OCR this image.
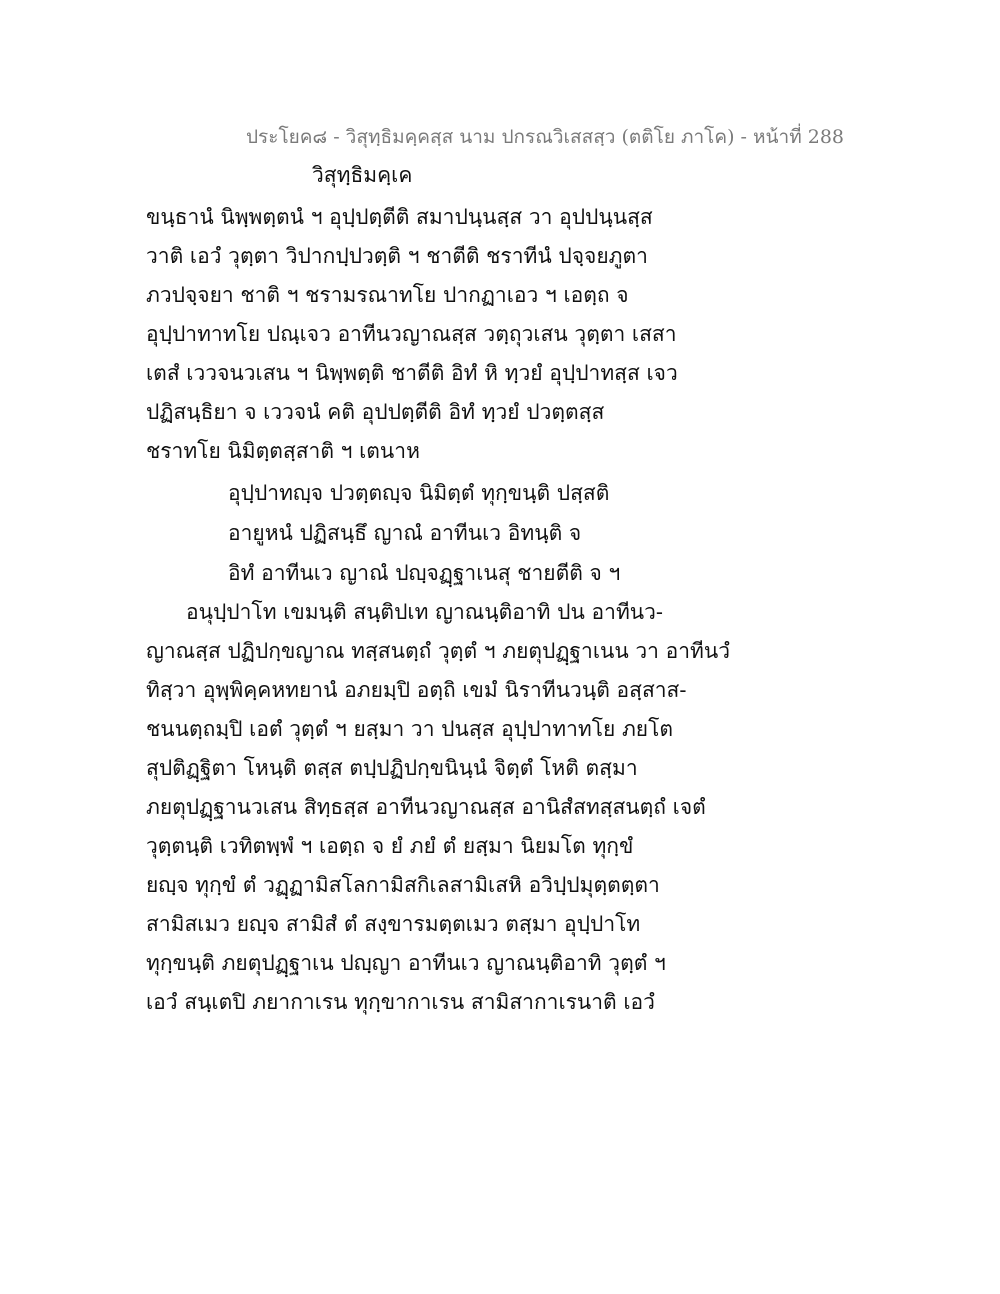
ประโยค๘ - วิสุทฺธิมคฺคสฺส นาม ปกรณวิเสสสฺว (ตติโย ภาโค) - หน้าที่ 288
วิสุทฺธิมคฺเค
ขนฺธานํ นิพฺพตฺตนํ ฯ อุปฺปตฺตีติ สมาปนฺนสฺส วา อุปปนฺนสฺส
วาติ เอวํ วุตฺตา วิปากปฺปวตฺติ ฯ ชาตีติ ชราทีนํ ปจฺจยภูตา
ภวปจฺจยา ชาติ ฯ ชรามรณาทโย ปากฏาเอว ฯ เอตฺถ จ
อุปฺปาทาทโย ปณฺเจว อาทีนวญาณสฺส วตฺถุวเสน วุตฺตา เสสา
เตสํ เววจนวเสน ฯ นิพฺพตฺติ ชาตีติ อิทํ หิ ทฺวยํ อุปฺปาทสฺส เจว
ปฏิสนฺธิยา จ เววจนํ คติ อุปปตฺตีติ อิทํ ทฺวยํ ปวตฺตสฺส
ชราทโย นิมิตฺตสฺสาติ ฯ เตนาห
อุปฺปาทญฺจ ปวตฺตญฺจ นิมิตฺตํ ทุกฺขนฺติ ปสฺสติ
อายูหนํ ปฏิสนฺธึ ญาณํ อาทีนเว อิทนฺติ จ
อิทํ อาทีนเว ญาณํ ปญฺจฏฺฐาเนสุ ชายตีติ จ ฯ
อนุปฺปาโท เขมนฺติ สนฺติปเท ญาณนฺติอาทิ ปน อาทีนว-
ญาณสฺส ปฏิปกฺขญาณ ทสฺสนตฺถํ วุตฺตํ ฯ ภยตุปฏฺฐาเนน วา อาทีนวํ
ทิสฺวา อุพฺพิคฺคหทยานํ อภยมฺปิ อตฺถิ เขมํ นิราทีนวนฺติ อสฺสาส-
ชนนตฺถมฺปิ เอตํ วุตฺตํ ฯ ยสฺมา วา ปนสฺส อุปฺปาทาทโย ภยโต
สุปติฏฺฐิตา โหนฺติ ตสฺส ตปฺปฏิปกฺขนินฺนํ จิตฺตํ โหติ ตสฺมา
ภยตุปฏฺฐานวเสน สิทฺธสฺส อาทีนวญาณสฺส อานิสํสทสฺสนตฺถํ เจตํ
วุตฺตนฺติ เวทิตพฺพํ ฯ เอตฺถ จ ยํ ภยํ ตํ ยสฺมา นิยมโต ทุกฺขํ
ยญฺจ ทุกฺขํ ตํ วฏฺฏามิสโลกามิสกิเลสามิเสหิ อวิปฺปมุตฺตตฺตา
สามิสเมว ยญฺจ สามิสํ ตํ สงฺขารมตฺตเมว ตสฺมา อุปฺปาโท
ทุกฺขนฺติ ภยตุปฏฺฐาเน ปญฺญา อาทีนเว ญาณนฺติอาทิ วุตฺตํ ฯ
เอวํ สนฺเตปิ ภยากาเรน ทุกฺขากาเรน สามิสากาเรนาติ เอวํ
